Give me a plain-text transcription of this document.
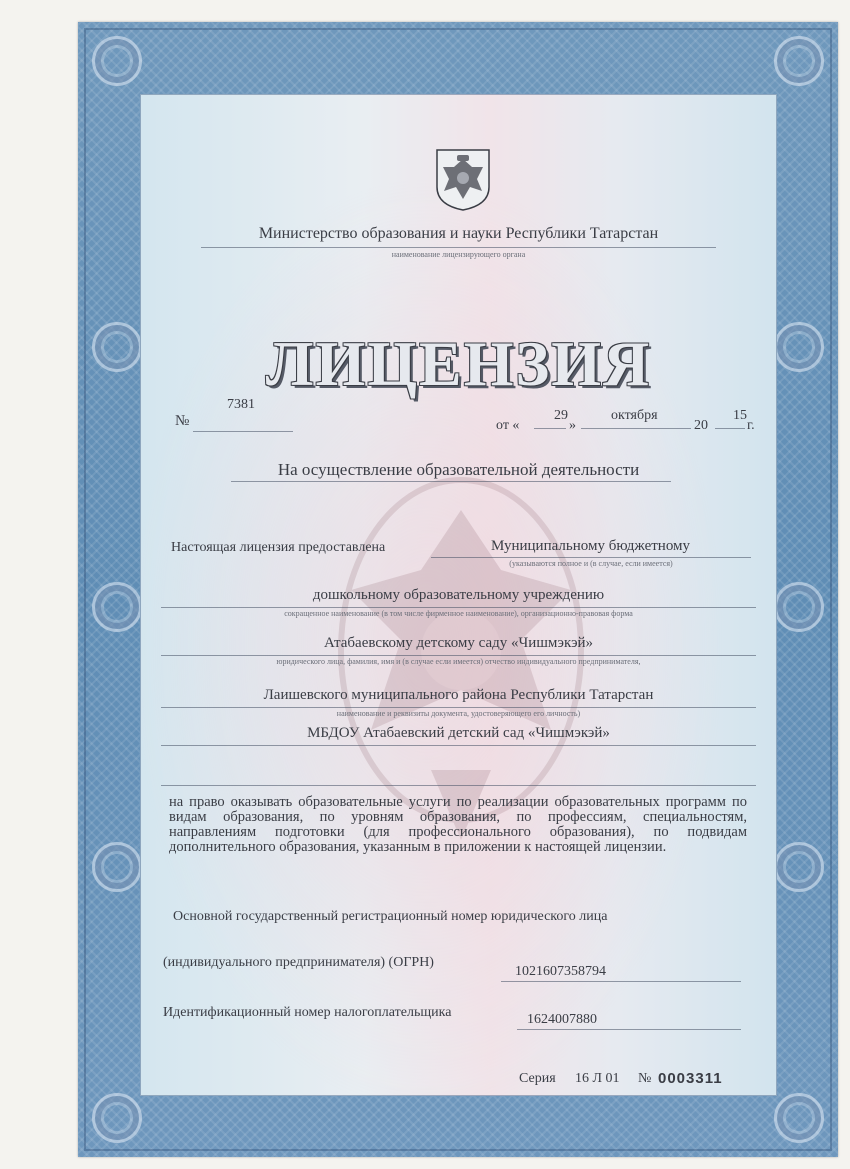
Министерство образования и науки Республики Татарстан
наименование лицензирующего органа
ЛИЦЕНЗИЯ
№
7381
от «
29
»
октября
20
15
г.
На осуществление образовательной деятельности
Настоящая лицензия предоставлена	Муниципальному бюджетному
(указываются полное и (в случае, если имеется)
дошкольному образовательному учреждению
сокращенное наименование (в том числе фирменное наименование), организационно-правовая форма
Атабаевскому детскому саду «Чишмэкэй»
юридического лица, фамилия, имя и (в случае если имеется) отчество индивидуального предпринимателя,
Лаишевского муниципального района Республики Татарстан
наименование и реквизиты документа, удостоверяющего его личность)
МБДОУ Атабаевский детский сад «Чишмэкэй»
на право оказывать образовательные услуги по реализации образовательных программ по видам образования, по уровням образования, по профессиям, специальностям, направлениям подготовки (для профессионального образования), по подвидам дополнительного образования, указанным в приложении к настоящей лицензии.
Основной государственный регистрационный номер юридического лица
(индивидуального предпринимателя) (ОГРН)
1021607358794
Идентификационный номер налогоплательщика	1624007880
Серия 16 Л 01 № 0003311
